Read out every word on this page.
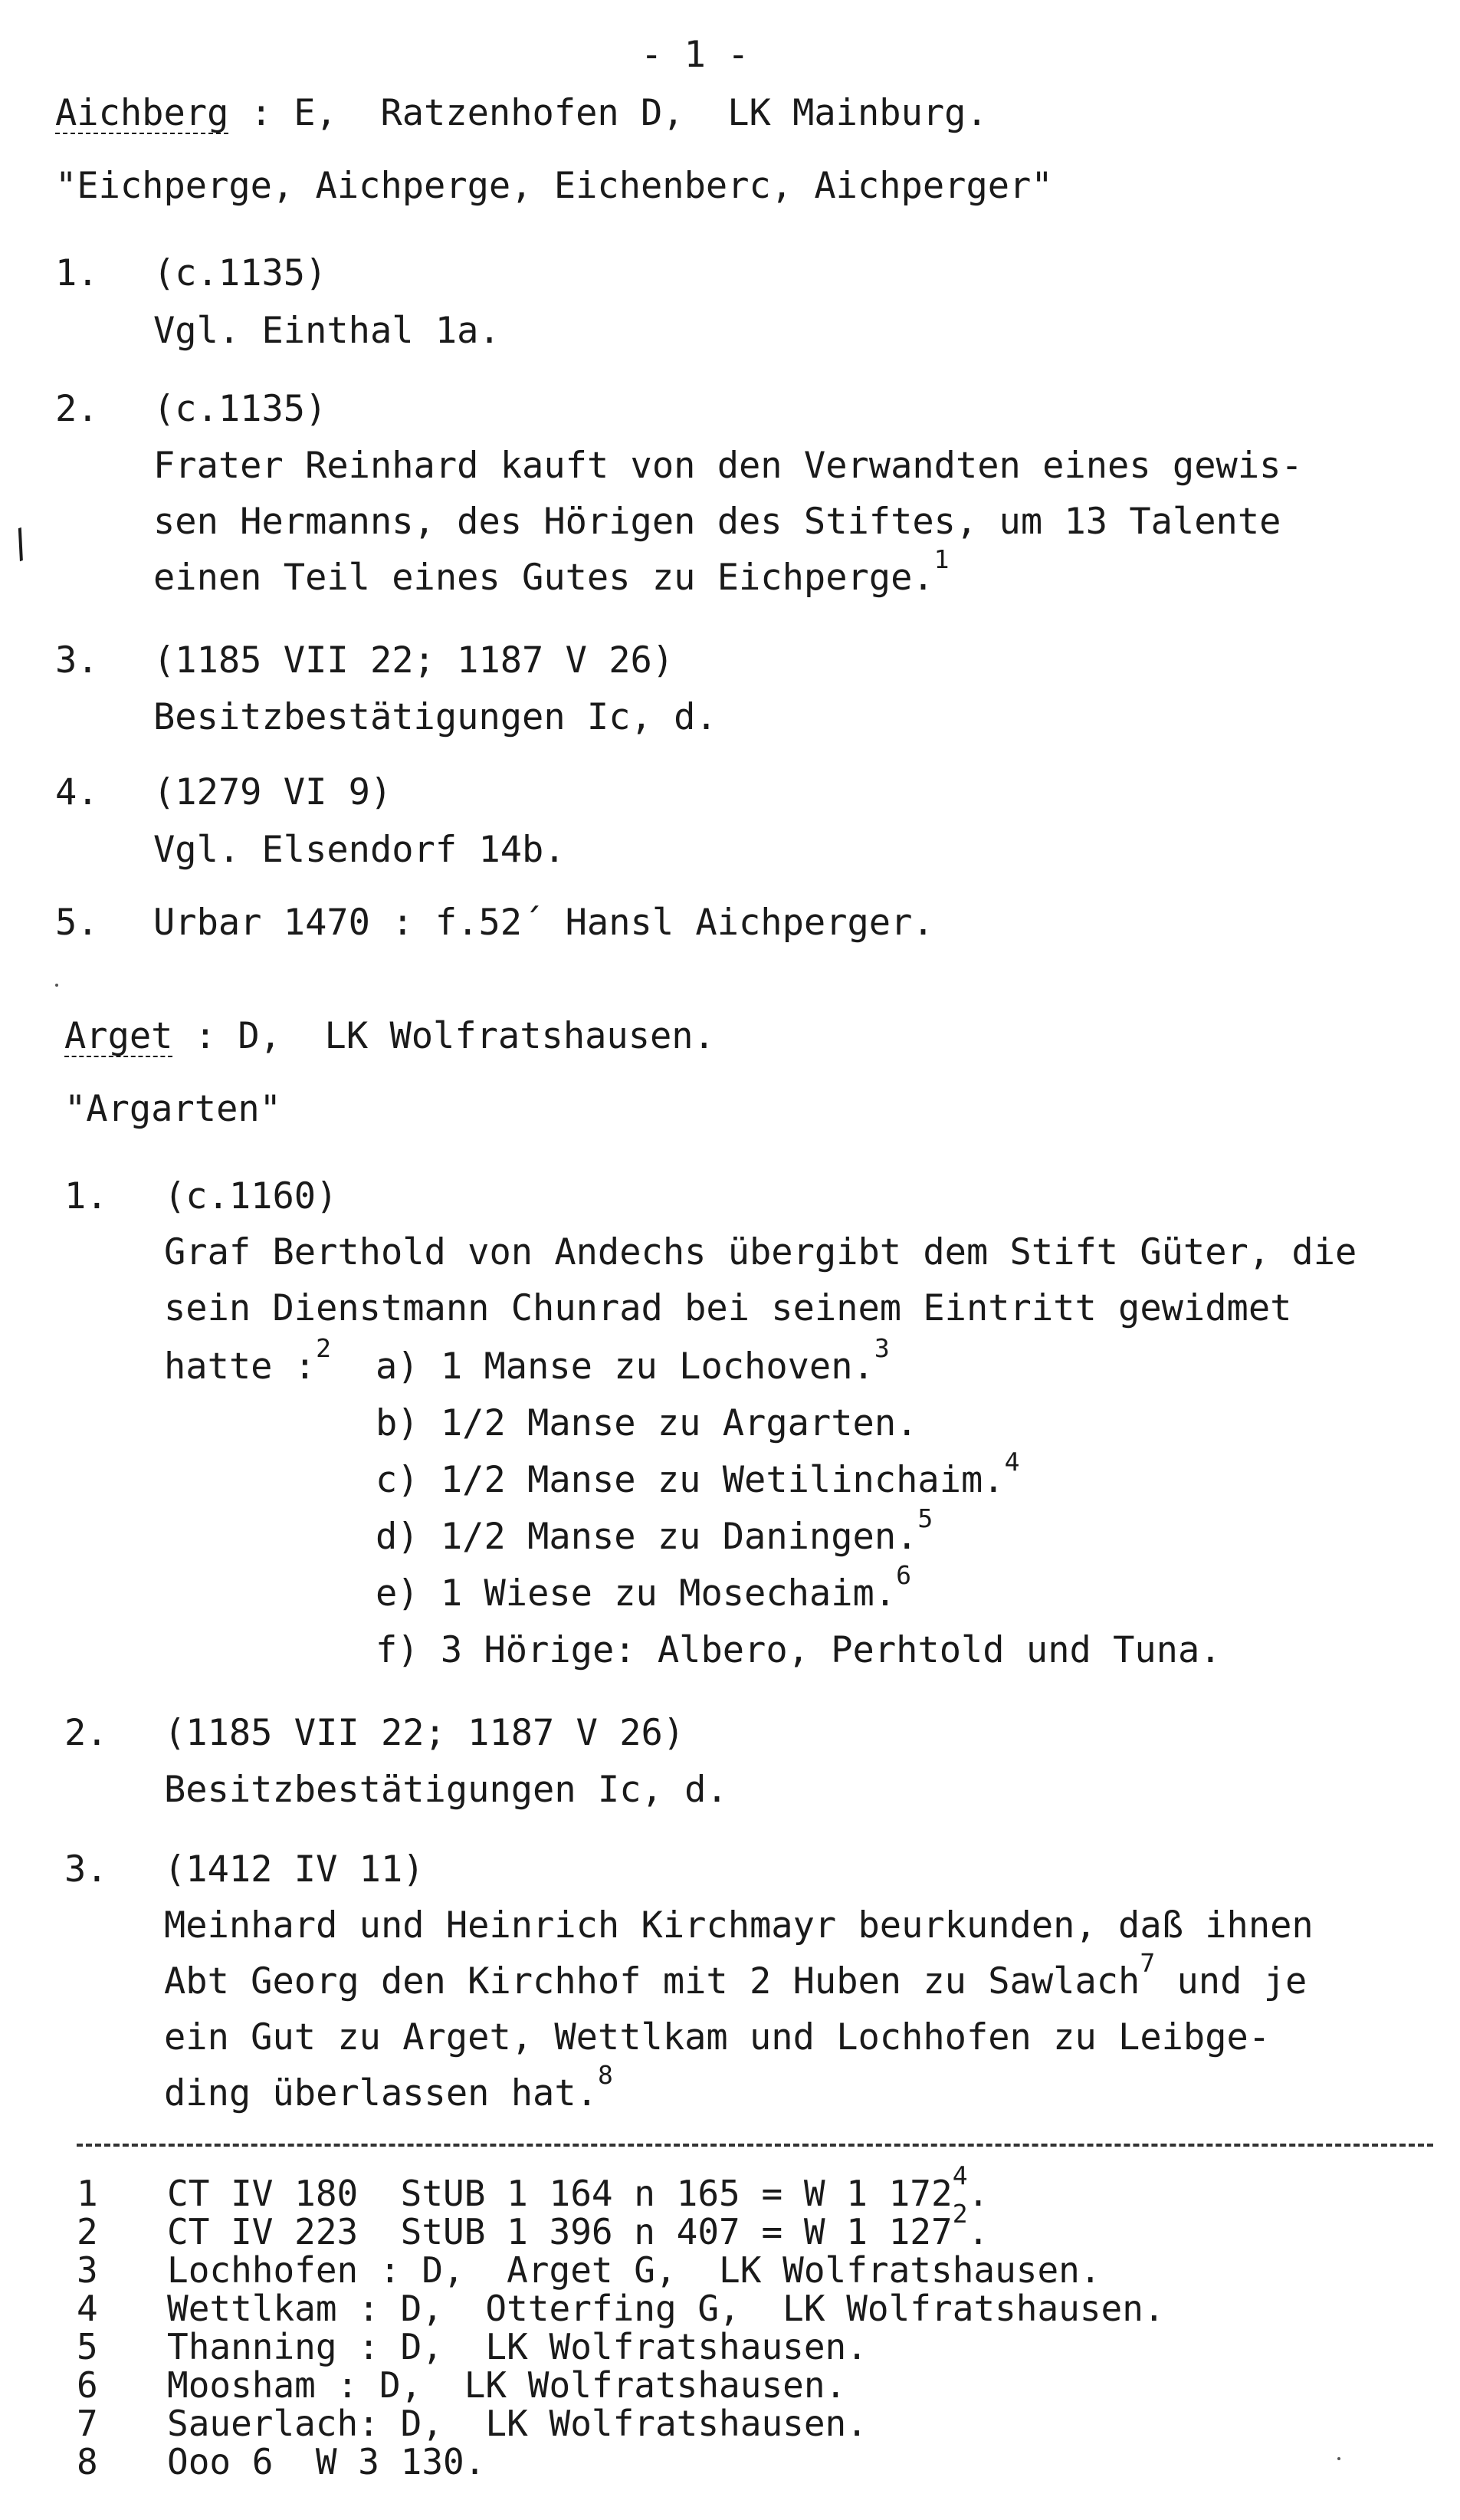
- 1 -
/
Aichberg : E,  Ratzenhofen D,  LK Mainburg.
"Eichperge, Aichperge, Eichenberc, Aichperger"
1. (c.1135)
Vgl. Einthal 1a.
2. (c.1135)
Frater Reinhard kauft von den Verwandten eines gewis-
sen Hermanns, des Hörigen des Stiftes, um 13 Talente
einen Teil eines Gutes zu Eichperge.$^1$
3. (1185 VII 22; 1187 V 26)
Besitzbestätigungen Ic, d.
4. (1279 VI 9)
Vgl. Elsendorf 14b.
5. Urbar 1470 : f.52´ Hansl Aichperger.
Arget : D,  LK Wolfratshausen.
"Argarten"
1. (c.1160)
Graf Berthold von Andechs übergibt dem Stift Güter, die
sein Dienstmann Chunrad bei seinem Eintritt gewidmet
hatte :$^2$ a) 1 Manse zu Lochoven.$^3$
b) 1/2 Manse zu Argarten.
c) 1/2 Manse zu Wetilinchaim.$^4$
d) 1/2 Manse zu Daningen.$^5$
e) 1 Wiese zu Mosechaim.$^6$
f) 3 Hörige: Albero, Perhtold und Tuna.
2. (1185 VII 22; 1187 V 26)
Besitzbestätigungen Ic, d.
3. (1412 IV 11)
Meinhard und Heinrich Kirchmayr beurkunden, daß ihnen
Abt Georg den Kirchhof mit 2 Huben zu Sawlach$^7$ und je
ein Gut zu Arget, Wettlkam und Lochhofen zu Leibge-
ding überlassen hat.$^8$
1 CT IV 180  StUB 1 164 n 165 = W 1 $172^4$.
2 CT IV 223  StUB 1 396 n 407 = W 1 $127^2$.
3 Lochhofen : D,  Arget G,  LK Wolfratshausen.
4 Wettlkam : D,  Otterfing G,  LK Wolfratshausen.
5 Thanning : D,  LK Wolfratshausen.
6 Moosham : D,  LK Wolfratshausen.
7 Sauerlach: D,  LK Wolfratshausen.
8 Ooo 6  W 3 130.
